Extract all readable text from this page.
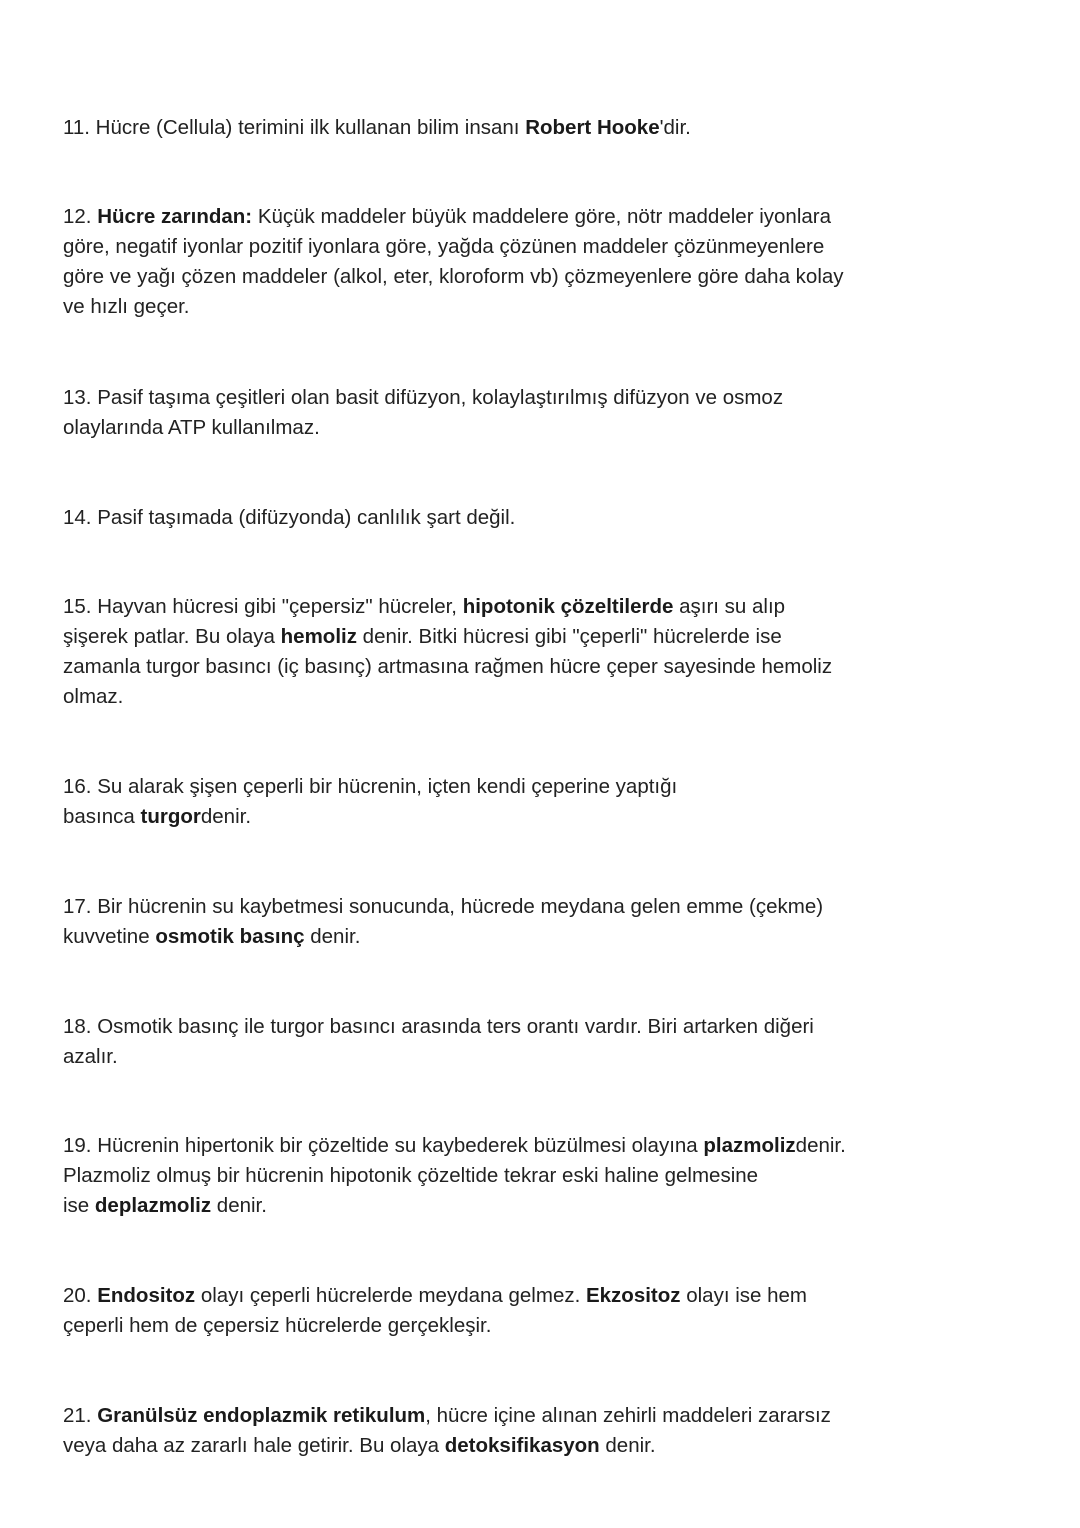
11. Hücre (Cellula) terimini ilk kullanan bilim insanı Robert Hooke'dir.

12. Hücre zarından: Küçük maddeler büyük maddelere göre, nötr maddeler iyonlara
göre, negatif iyonlar pozitif iyonlara göre, yağda çözünen maddeler çözünmeyenlere
göre ve yağı çözen maddeler (alkol, eter, kloroform vb) çözmeyenlere göre daha kolay
ve hızlı geçer.

13. Pasif taşıma çeşitleri olan basit difüzyon, kolaylaştırılmış difüzyon ve osmoz
olaylarında ATP kullanılmaz.

14. Pasif taşımada (difüzyonda) canlılık şart değil.

15. Hayvan hücresi gibi "çepersiz" hücreler, hipotonik çözeltilerde aşırı su alıp
şişerek patlar. Bu olaya hemoliz denir. Bitki hücresi gibi "çeperli" hücrelerde ise
zamanla turgor basıncı (iç basınç) artmasına rağmen hücre çeper sayesinde hemoliz
olmaz.

16. Su alarak şişen çeperli bir hücrenin, içten kendi çeperine yaptığı
basınca turgordenir.

17. Bir hücrenin su kaybetmesi sonucunda, hücrede meydana gelen emme (çekme)
kuvvetine osmotik basınç denir.

18. Osmotik basınç ile turgor basıncı arasında ters orantı vardır. Biri artarken diğeri
azalır.

19. Hücrenin hipertonik bir çözeltide su kaybederek büzülmesi olayına plazmolizdenir.
Plazmoliz olmuş bir hücrenin hipotonik çözeltide tekrar eski haline gelmesine
ise deplazmoliz denir.

20. Endositoz olayı çeperli hücrelerde meydana gelmez. Ekzositoz olayı ise hem
çeperli hem de çepersiz hücrelerde gerçekleşir.

21. Granülsüz endoplazmik retikulum, hücre içine alınan zehirli maddeleri zararsız
veya daha az zararlı hale getirir. Bu olaya detoksifikasyon denir.
